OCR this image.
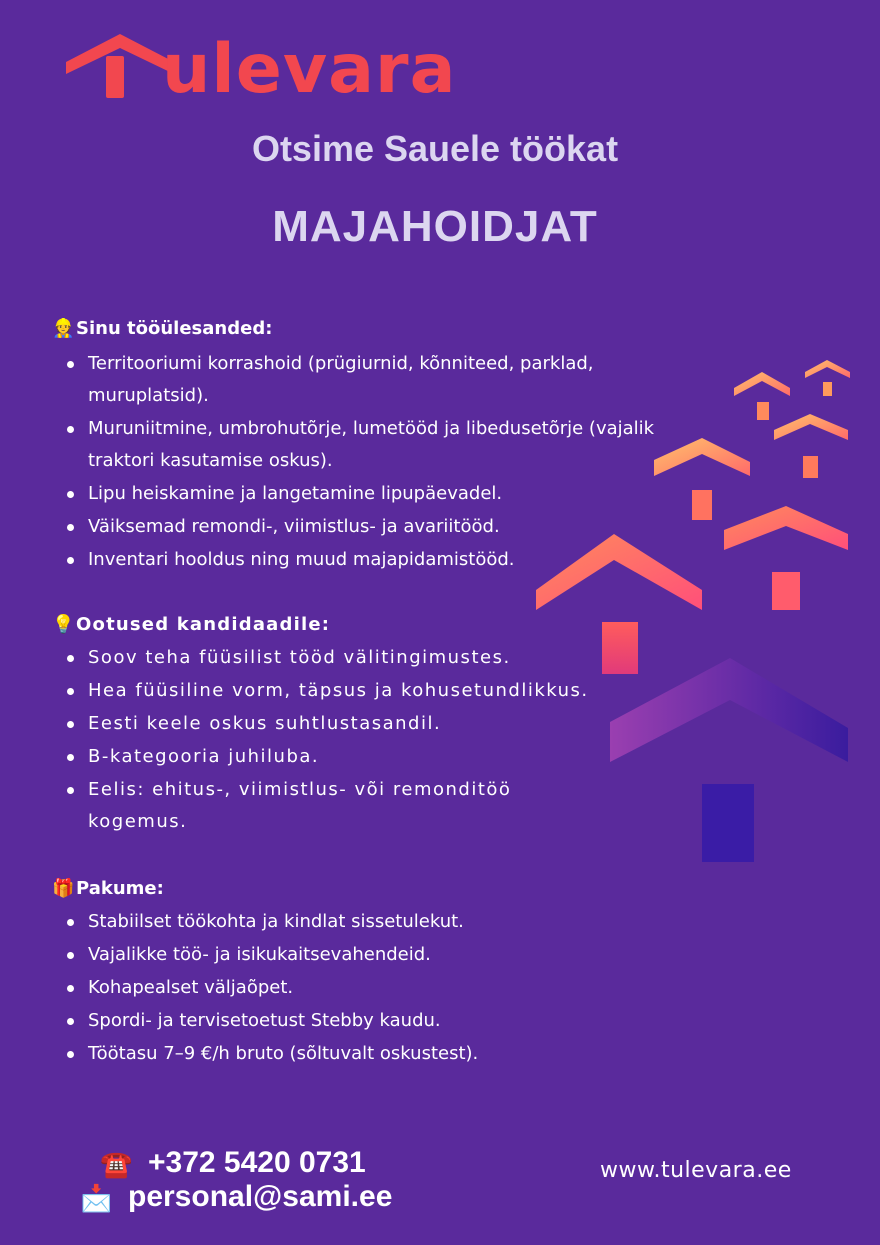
ulevara
Otsime Sauele töökat
MAJAHOIDJAT
👷Sinu tööülesanded:
Territooriumi korrashoid (prügiurnid, kõnniteed, parklad, muruplatsid).
Muruniitmine, umbrohutõrje, lumetööd ja libedusetõrje (vajalik traktori kasutamise oskus).
Lipu heiskamine ja langetamine lipupäevadel.
Väiksemad remondi-, viimistlus- ja avariitööd.
Inventari hooldus ning muud majapidamistööd.
💡Ootused kandidaadile:
Soov teha füüsilist tööd välitingimustes.
Hea füüsiline vorm, täpsus ja kohusetundlikkus.
Eesti keele oskus suhtlustasandil.
B-kategooria juhiluba.
Eelis: ehitus-, viimistlus- või remonditöö kogemus.
🎁Pakume:
Stabiilset töökohta ja kindlat sissetulekut.
Vajalikke töö- ja isikukaitsevahendeid.
Kohapealset väljaõpet.
Spordi- ja tervisetoetust Stebby kaudu.
Töötasu 7–9 €/h bruto (sõltuvalt oskustest).
☎️ +372 5420 0731
📩 personal@sami.ee
www.tulevara.ee
